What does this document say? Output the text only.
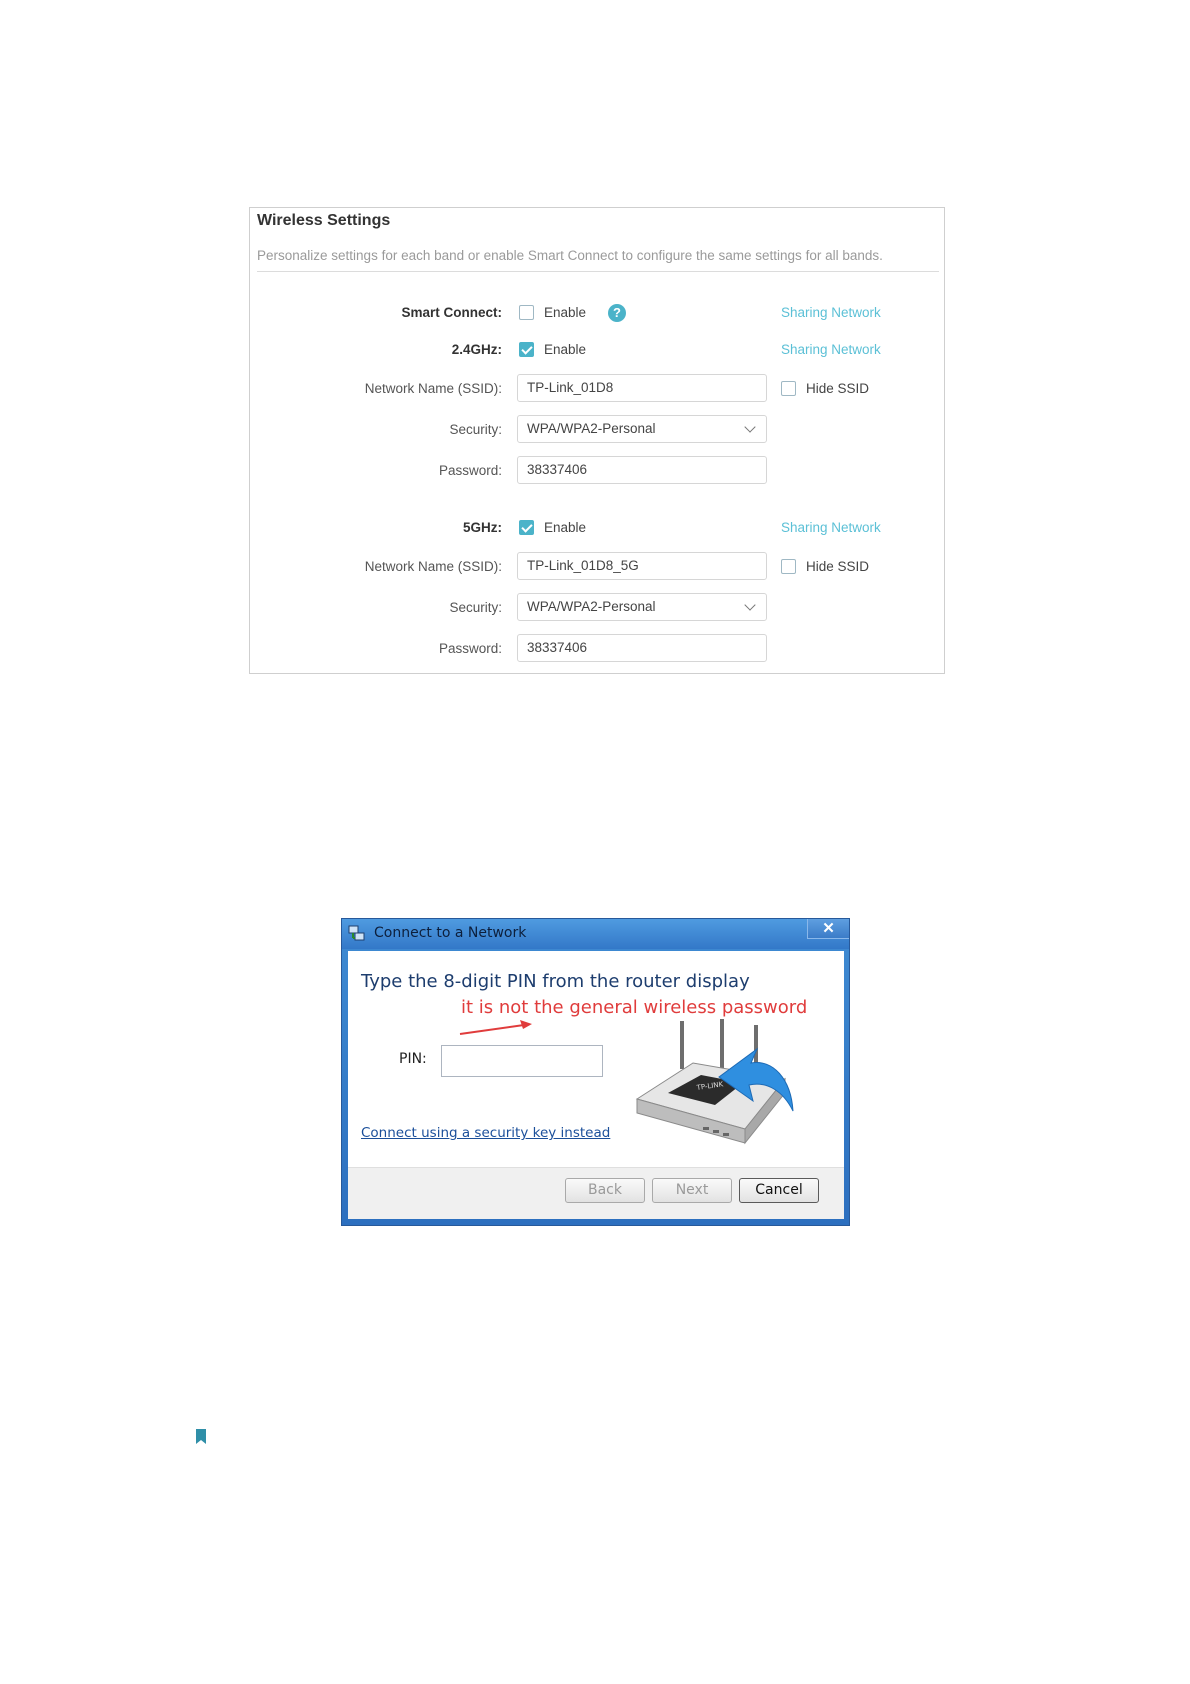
Wireless Settings
Personalize settings for each band or enable Smart Connect to configure the same settings for all bands.
Smart Connect:	Enable	?	Sharing Network
2.4GHz:	Enable	Sharing Network
Network Name (SSID):	TP-Link_01D8	Hide SSID
Security:	WPA/WPA2-Personal
Password:	38337406
5GHz:	Enable	Sharing Network
Network Name (SSID):	TP-Link_01D8_5G	Hide SSID
Security:	WPA/WPA2-Personal
Password:	38337406
Connect to a Network	✕
Type the 8-digit PIN from the router display
it is not the general wireless password
PIN:
Connect using a security key instead
TP-LINK
Back	Next	Cancel
